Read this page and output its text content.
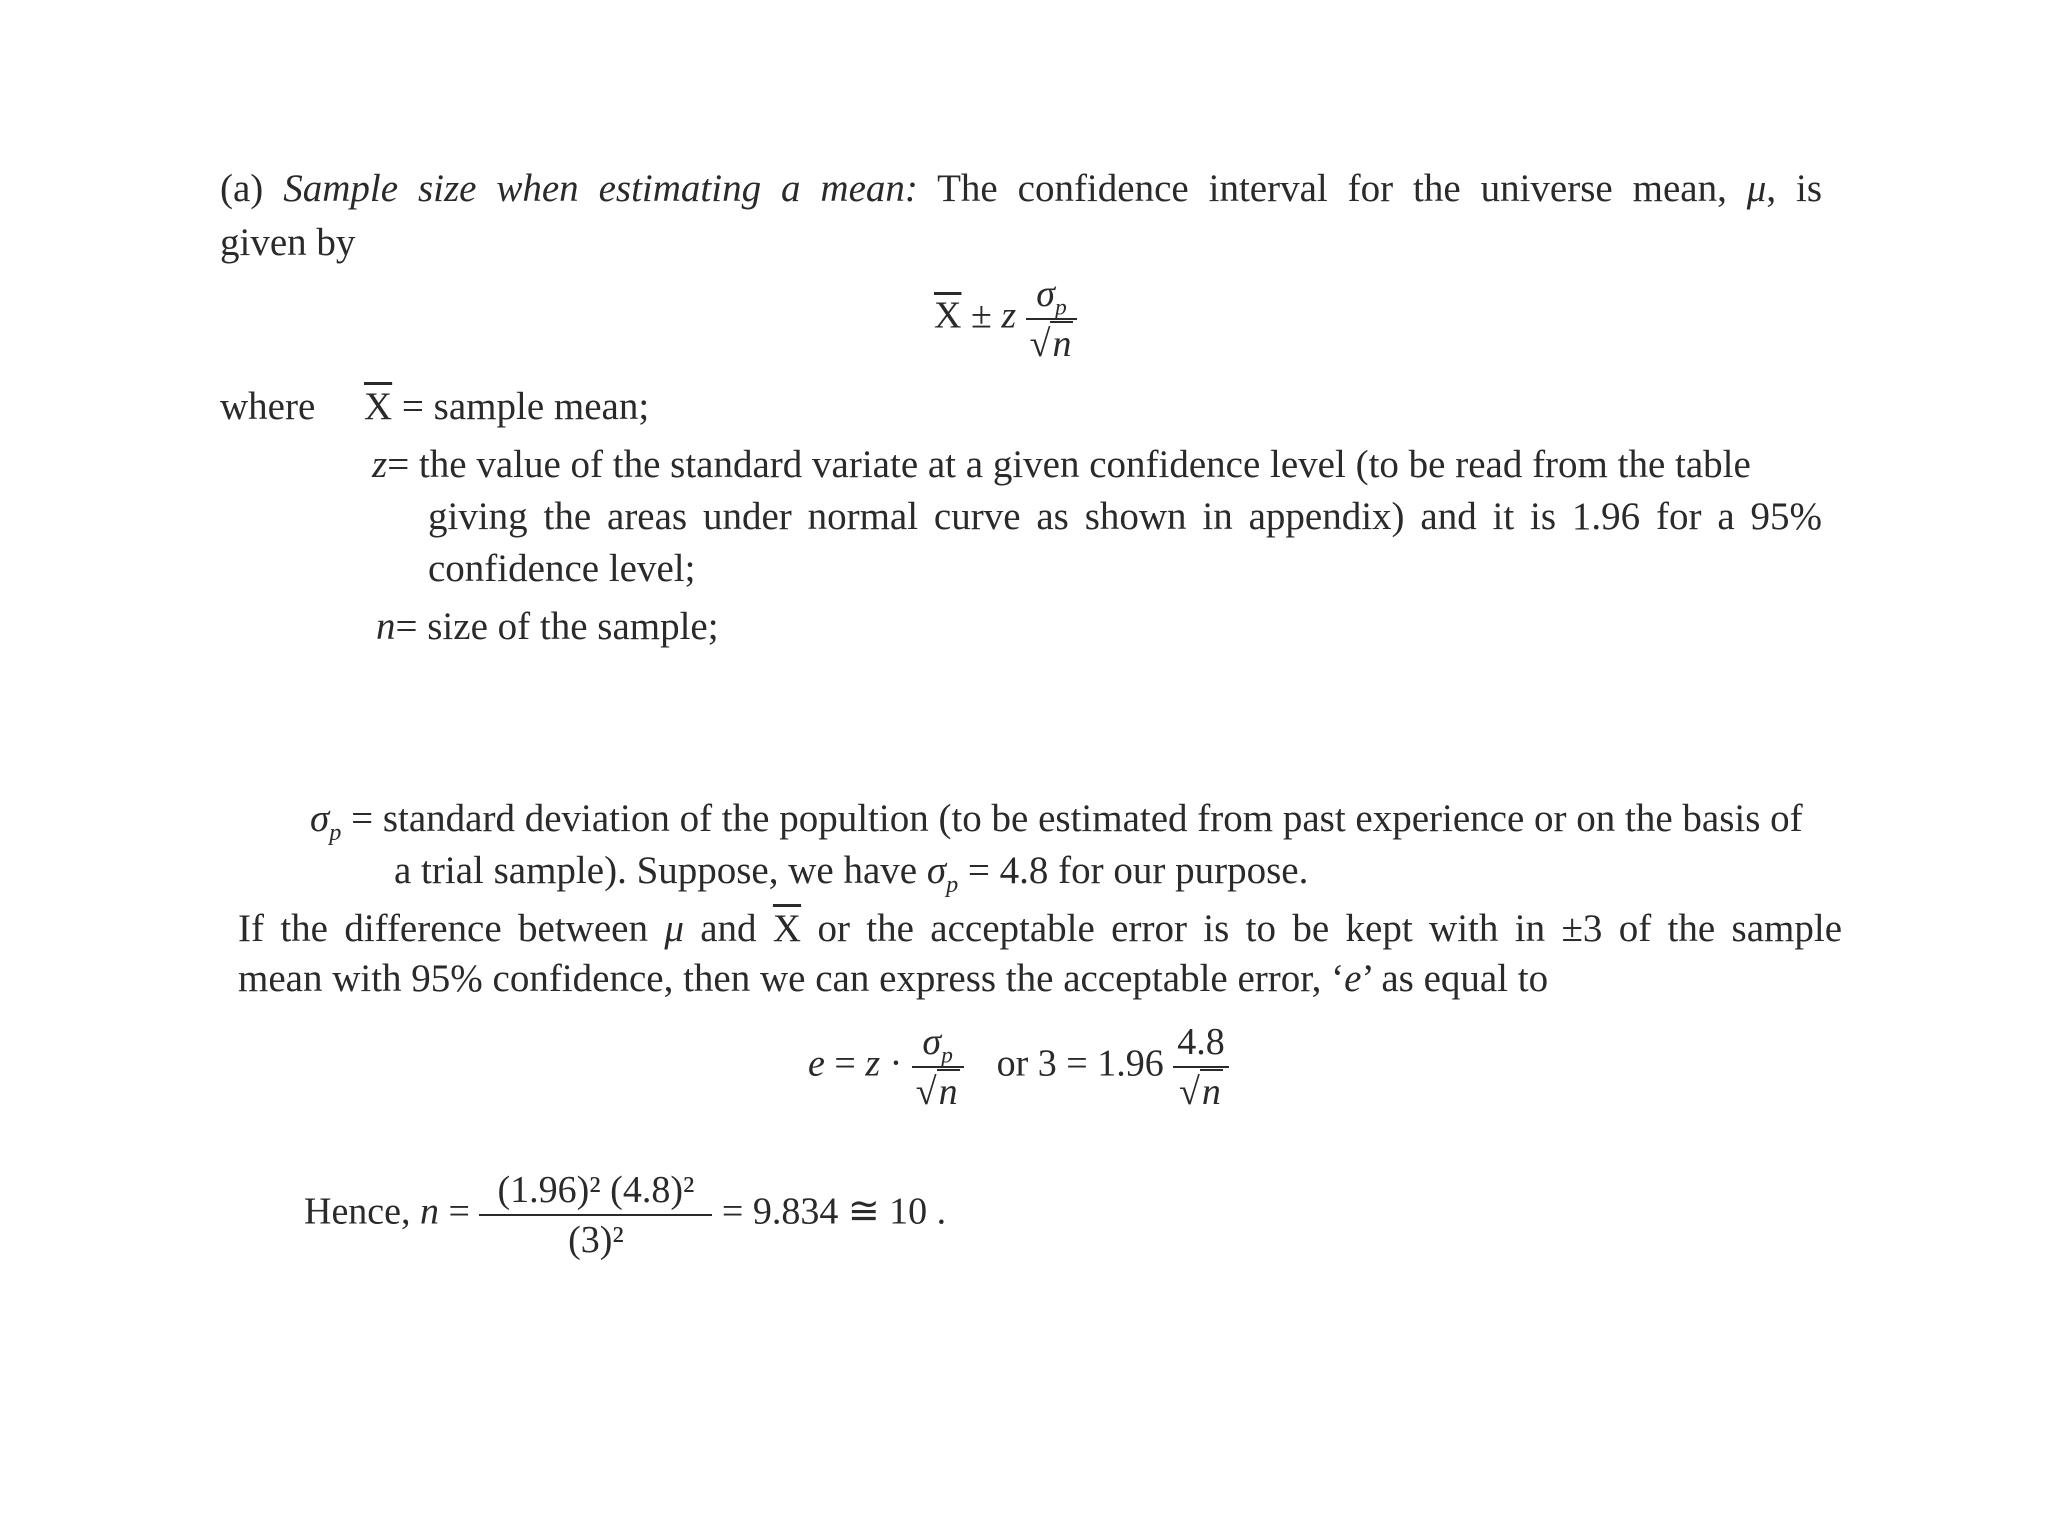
(a) Sample size when estimating a mean: The confidence interval for the universe mean, μ, is
given by
$\overline{X} \pm z \frac{\sigma_p}{√n}$
where $\overline{X}$ = sample mean;
z= the value of the standard variate at a given confidence level (to be read from the table
giving the areas under normal curve as shown in appendix) and it is 1.96 for a 95%
confidence level;
n= size of the sample;
$\sigma_p$ = standard deviation of the popultion (to be estimated from past experience or on the basis of
a trial sample). Suppose, we have $\sigma_p = 4.8$ for our purpose.
If the difference between μ and $\overline{X}$ or the acceptable error is to be kept with in ±3 of the sample
mean with 95% confidence, then we can express the acceptable error, ‘e’ as equal to
$e = z \cdot \frac{\sigma_p}{√n}$ or $3 = 1.96 \frac{4.8}{√n}$
Hence, $n = \frac{\text{(1.96)² (4.8)²}}{\text{(3)²}} = 9.834$ ≅ 10 .
